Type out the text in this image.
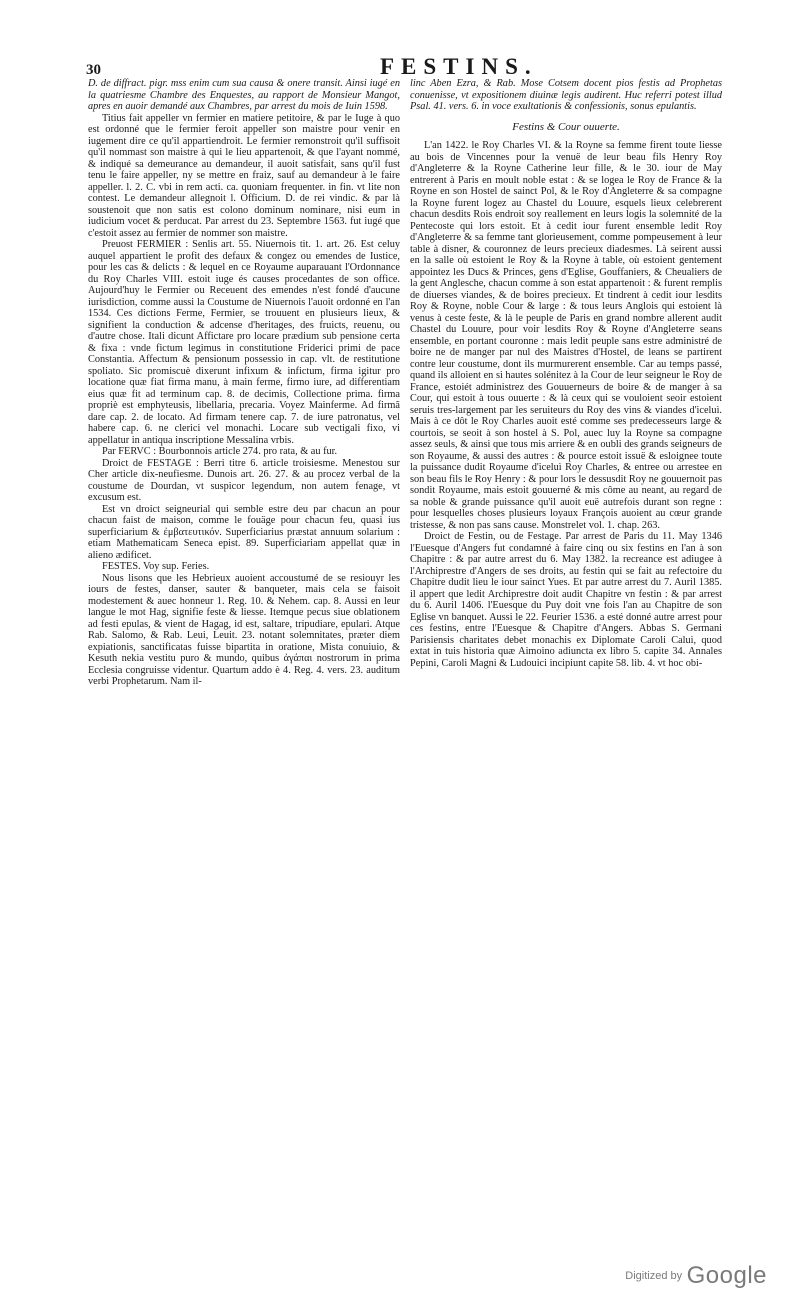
30	FESTINS.

D. de diffract. pigr. mss enim cum sua causa & onere transit. Ainsi iugé en la quatriesme Chambre des Enquestes, au rapport de Monsieur Mangot, apres en auoir demandé aux Chambres, par arrest du mois de Iuin 1598.

Titius fait appeller vn fermier en matiere petitoire, & par le Iuge à quo est ordonné que le fermier feroit appeller son maistre pour venir en iugement dire ce qu'il appartiendroit. Le fermier remonstroit qu'il suffisoit qu'il nommast son maistre à qui le lieu appartenoit, & que l'ayant nommé, & indiqué sa demeurance au demandeur, il auoit satisfait, sans qu'il fust tenu le faire appeller, ny se mettre en fraiz, sauf au demandeur à le faire appeller. l. 2. C. vbi in rem acti. ca. quoniam frequenter. in fin. vt lite non contest. Le demandeur allegnoit l. Officium. D. de rei vindic. & par là soustenoit que non satis est colono dominum nominare, nisi eum in iudicium vocet & perducat. Par arrest du 23. Septembre 1563. fut iugé que c'estoit assez au fermier de nommer son maistre.

Preuost FERMIER : Senlis art. 55. Niuernois tit. 1. art. 26. Est celuy auquel appartient le profit des defaux & congez ou emendes de Iustice, pour les cas & delicts : & lequel en ce Royaume auparauant l'Ordonnance du Roy Charles VIII. estoit iuge és causes procedantes de son office. Aujourd'huy le Fermier ou Receuent des emendes n'est fondé d'aucune iurisdiction, comme aussi la Coustume de Niuernois l'auoit ordonné en l'an 1534. Ces dictions Ferme, Fermier, se trouuent en plusieurs lieux, & signifient la conduction & adcense d'heritages, des fruicts, reuenu, ou d'autre chose. Itali dicunt Affictare pro locare prædium sub pensione certa & fixa : vnde fictum legimus in constitutione Friderici primi de pace Constantia. Affectum & pensionum possessio in cap. vlt. de restitutione spoliato. Sic promiscuè dixerunt infixum & infictum, firma igitur pro locatione quæ fiat firma manu, à main ferme, firmo iure, ad differentiam eius quæ fit ad terminum cap. 8. de decimis, Collectione prima. firma propriè est emphyteusis, libellaria, precaria. Voyez Mainferme. Ad firmã dare cap. 2. de locato. Ad firmam tenere cap. 7. de iure patronatus, vel habere cap. 6. ne clerici vel monachi. Locare sub vectigali fixo, vi appellatur in antiqua inscriptione Messalina vrbis.

Par FERVC : Bourbonnois article 274. pro rata, & au fur.

Droict de FESTAGE : Berri titre 6. article troisiesme. Menestou sur Cher article dix-neufiesme. Dunois art. 26. 27. & au procez verbal de la coustume de Dourdan, vt suspicor legendum, non autem fenage, vt excusum est.

Est vn droict seigneurial qui semble estre deu par chacun an pour chacun faist de maison, comme le fouäge pour chacun feu, quasi ius superficiarium & ἐμβατευτικόν. Superficiarius præstat annuum solarium : etiam Mathematicam Seneca epist. 89. Superficiariam appellat quæ in alieno ædificet.

FESTES. Voy sup. Feries.

Nous lisons que les Hebrieux auoient accoustumé de se resiouyr les iours de festes, danser, sauter & banqueter, mais cela se faisoit modestement & auec honneur 1. Reg. 10. & Nehem. cap. 8. Aussi en leur langue le mot Hag, signifie feste & liesse. Itemque pecus siue oblationem ad festi epulas, & vient de Hagag, id est, saltare, tripudiare, epulari. Atque Rab. Salomo, & Rab. Leui, Leuit. 23. notant solemnitates, præter diem expiationis, sanctificatas fuisse bipartita in oratione, Mista conuiuio, & Kesuth nekia vestitu puro & mundo, quibus ἀγάπαι nostrorum in prima Ecclesia congruisse videntur. Quartum addo è 4. Reg. 4. vers. 23. auditum verbi Prophetarum. Nam il-

linc Aben Ezra, & Rab. Mose Cotsem docent pios festis ad Prophetas conuenisse, vt expositionem diuinæ legis audirent. Huc referri potest illud Psal. 41. vers. 6. in voce exultationis & confessionis, sonus epulantis.

Festins & Cour ouuerte.

L'an 1422. le Roy Charles VI. & la Royne sa femme firent toute liesse au bois de Vincennes pour la venuë de leur beau fils Henry Roy d'Angleterre & la Royne Catherine leur fille, & le 30. iour de May entrerent à Paris en moult noble estat : & se logea le Roy de France & la Royne en son Hostel de sainct Pol, & le Roy d'Angleterre & sa compagne la Royne furent logez au Chastel du Louure, esquels lieux celebrerent chacun desdits Rois endroit soy reallement en leurs logis la solemnité de la Pentecoste qui lors estoit. Et à cedit iour furent ensemble ledit Roy d'Angleterre & sa femme tant glorieusement, comme pompeusement à leur table à disner, & couronnez de leurs precieux diadesmes. Là seirent aussi en la salle où estoient le Roy & la Royne à table, où estoient gentement appointez les Ducs & Princes, gens d'Eglise, Gouffaniers, & Cheualiers de la gent Anglesche, chacun comme à son estat appartenoit : & furent remplis de diuerses viandes, & de boires precieux. Et tindrent à cedit iour lesdits Roy & Royne, noble Cour & large : & tous leurs Anglois qui estoient là venus à ceste feste, & là le peuple de Paris en grand nombre allerent audit Chastel du Louure, pour voir lesdits Roy & Royne d'Angleterre seans ensemble, en portant couronne : mais ledit peuple sans estre administré de boire ne de manger par nul des Maistres d'Hostel, de leans se partirent contre leur coustume, dont ils murmurerent ensemble. Car au temps passé, quand ils alloient en si hautes solénitez à la Cour de leur seigneur le Roy de France, estoiét administrez des Gouuerneurs de boire & de manger à sa Cour, qui estoit à tous ouuerte : & là ceux qui se vouloient seoir estoient seruis tres-largement par les seruiteurs du Roy des vins & viandes d'iceluì. Mais à ce dôt le Roy Charles auoit esté comme ses predecesseurs large & courtois, se seoit à son hostel à S. Pol, auec luy la Royne sa compagne assez seuls, & ainsi que tous mis arriere & en oubli des grands seigneurs de son Royaume, & aussi des autres : & pource estoit issuë & esloignee toute la puissance dudit Royaume d'iceluì Roy Charles, & entree ou arrestee en son beau fils le Roy Henry : & pour lors le dessusdit Roy ne gouuernoit pas sondit Royaume, mais estoit gouuerné & mis côme au neant, au regard de sa noble & grande puissance qu'il auoit euë autrefois durant son regne : pour lesquelles choses plusieurs loyaux François auoient au cœur grande tristesse, & non pas sans cause. Monstrelet vol. 1. chap. 263.

Droict de Festin, ou de Festage. Par arrest de Paris du 11. May 1346 l'Euesque d'Angers fut condamné à faire cinq ou six festins en l'an à son Chapitre : & par autre arrest du 6. May 1382. la recreance est adiugee à l'Archiprestre d'Angers de ses droits, au festin qui se fait au refectoire du Chapitre dudit lieu le iour sainct Yues. Et par autre arrest du 7. Auril 1385. il appert que ledit Archiprestre doit audit Chapitre vn festin : & par arrest du 6. Auril 1406. l'Euesque du Puy doit vne fois l'an au Chapitre de son Eglise vn banquet. Aussi le 22. Feurier 1536. a esté donné autre arrest pour ces festins, entre l'Euesque & Chapitre d'Angers. Abbas S. Germani Parisiensis charitates debet monachis ex Diplomate Caroli Calui, quod extat in tuis historia quæ Aimoino adiuncta ex libro 5. capite 34. Annales Pepini, Caroli Magni & Ludouici incipiunt capite 58. lib. 4. vt hoc obi-

$^{Digitized by}$ Google
